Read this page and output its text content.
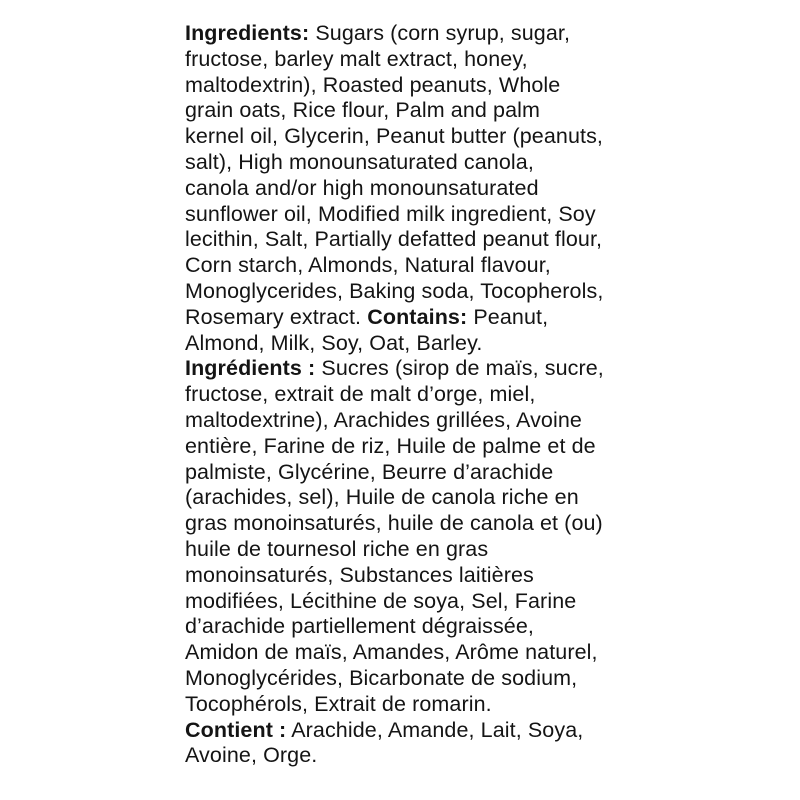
Ingredients: Sugars (corn syrup, sugar,
fructose, barley malt extract, honey,
maltodextrin), Roasted peanuts, Whole
grain oats, Rice flour, Palm and palm
kernel oil, Glycerin, Peanut butter (peanuts,
salt), High monounsaturated canola,
canola and/or high monounsaturated
sunflower oil, Modified milk ingredient, Soy
lecithin, Salt, Partially defatted peanut flour,
Corn starch, Almonds, Natural flavour,
Monoglycerides, Baking soda, Tocopherols,
Rosemary extract. Contains: Peanut,
Almond, Milk, Soy, Oat, Barley.
Ingrédients : Sucres (sirop de maïs, sucre,
fructose, extrait de malt d’orge, miel,
maltodextrine), Arachides grillées, Avoine
entière, Farine de riz, Huile de palme et de
palmiste, Glycérine, Beurre d’arachide
(arachides, sel), Huile de canola riche en
gras monoinsaturés, huile de canola et (ou)
huile de tournesol riche en gras
monoinsaturés, Substances laitières
modifiées, Lécithine de soya, Sel, Farine
d’arachide partiellement dégraissée,
Amidon de maïs, Amandes, Arôme naturel,
Monoglycérides, Bicarbonate de sodium,
Tocophérols, Extrait de romarin.
Contient : Arachide, Amande, Lait, Soya,
Avoine, Orge.
